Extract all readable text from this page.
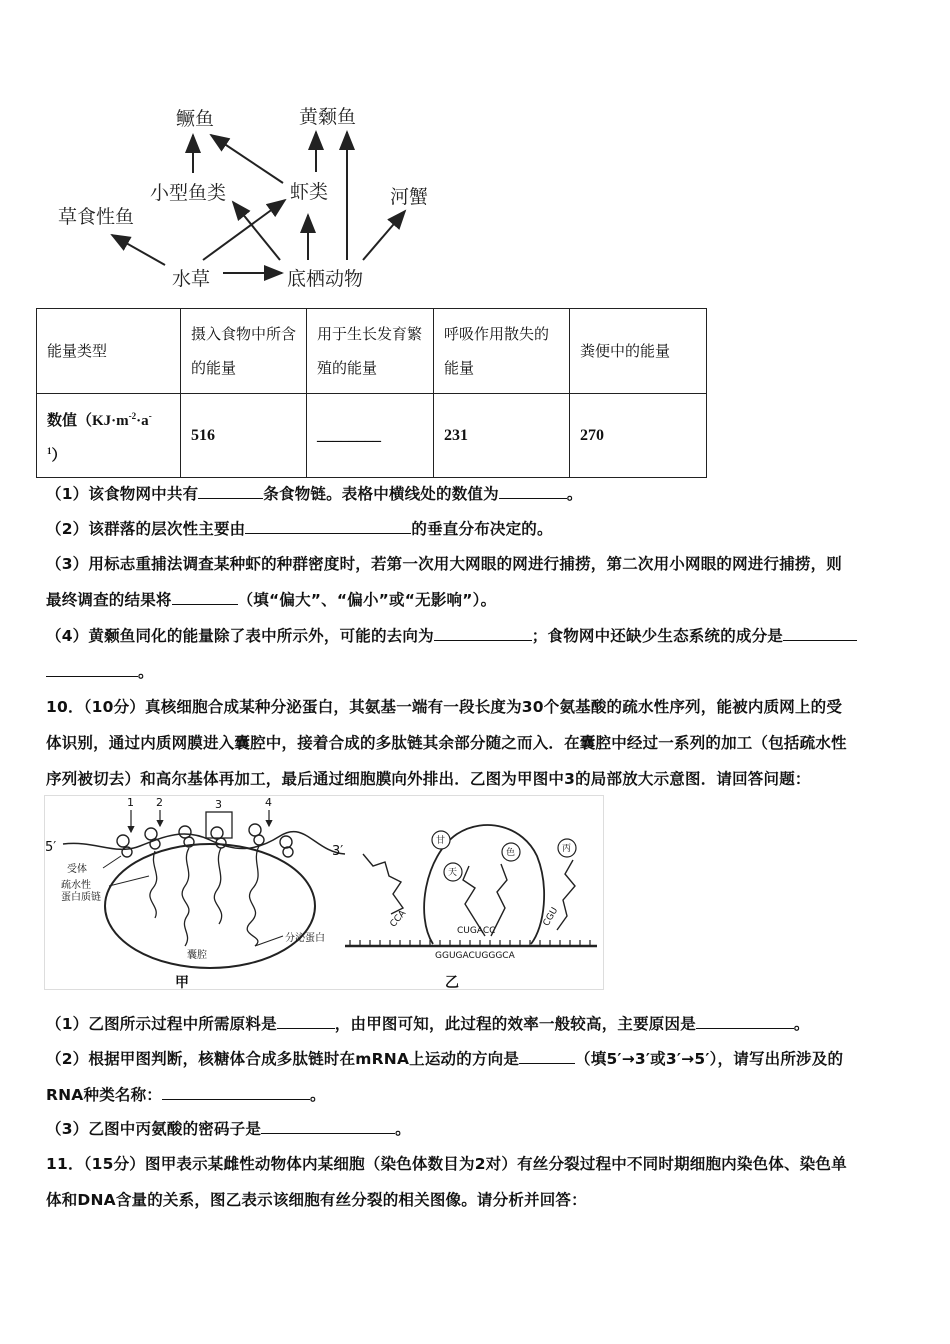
鳜鱼	黄颡鱼
小型鱼类	虾类	河蟹
草食性鱼
水草	底栖动物
能量类型	摄入食物中所含的能量	用于生长发育繁殖的能量	呼吸作用散失的能量	粪便中的能量
数值$(KJ\cdot m^{-2}\cdot a^{-1})$	516	________	231	270
（1）该食物网中共有	条食物链。表格中横线处的数值为	。
（2）该群落的层次性主要由	的垂直分布决定的。
（3）用标志重捕法调查某种虾的种群密度时，若第一次用大网眼的网进行捕捞，第二次用小网眼的网进行捕捞，则
最终调查的结果将	（填“偏大”、“偏小”或“无影响”）。
（4）黄颡鱼同化的能量除了表中所示外，可能的去向为	；食物网中还缺少生态系统的成分是
。
10．（10分）真核细胞合成某种分泌蛋白，其氨基一端有一段长度为30个氨基酸的疏水性序列，能被内质网上的受
体识别，通过内质网膜进入囊腔中，接着合成的多肽链其余部分随之而入．在囊腔中经过一系列的加工（包括疏水性
序列被切去）和高尔基体再加工，最后通过细胞膜向外排出．乙图为甲图中3的局部放大示意图．请回答问题：
5′	3′
1 2	3	4
受体
疏水性
蛋白质链
分泌蛋白
囊腔
甲
甘
天
色	丙
CCA
CUGACC
CGU
GGUGACUGGGCA
乙
（1）乙图所示过程中所需原料是	，由甲图可知，此过程的效率一般较高，主要原因是	。
（2）根据甲图判断，核糖体合成多肽链时在mRNA上运动的方向是	（填5′→3′或3′→5′），请写出所涉及的
RNA种类名称：	。
（3）乙图中丙氨酸的密码子是	。
11．（15分）图甲表示某雌性动物体内某细胞（染色体数目为2对）有丝分裂过程中不同时期细胞内染色体、染色单
体和DNA含量的关系，图乙表示该细胞有丝分裂的相关图像。请分析并回答：
